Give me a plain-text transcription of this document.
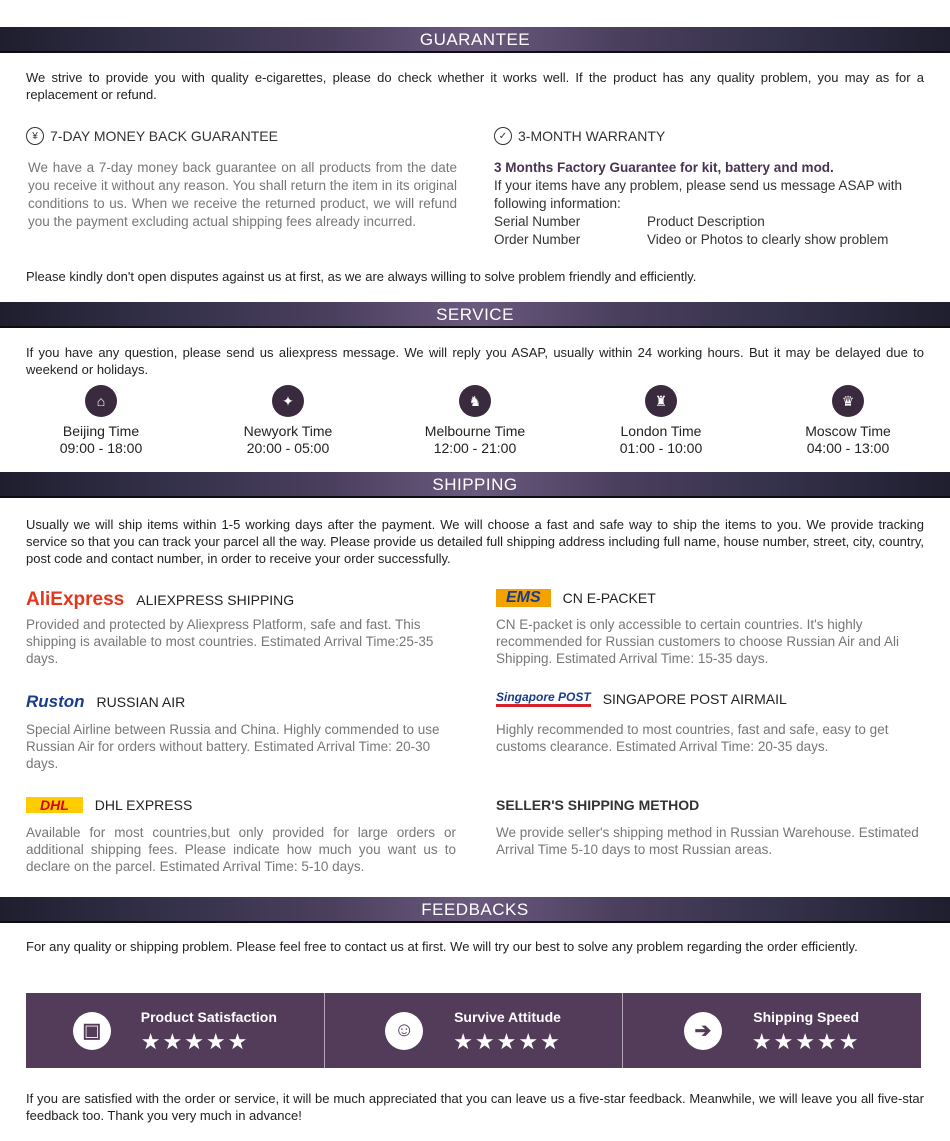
GUARANTEE
We strive to provide you with quality e-cigarettes, please do check whether it works well. If the product has any quality problem, you may as for a replacement or refund.
¥ 7-DAY MONEY BACK GUARANTEE
We have a 7-day money back guarantee on all products from the date you receive it without any reason. You shall return the item in its original conditions to us. When we receive the returned product, we will refund you the payment excluding actual shipping fees already incurred.
✓ 3-MONTH WARRANTY
3 Months Factory Guarantee for kit, battery and mod.
If your items have any problem, please send us message ASAP with following information:
Serial Number	Product Description
Order Number	Video or Photos to clearly show problem
Please kindly don't open disputes against us at first, as we are always willing to solve problem friendly and efficiently.
SERVICE
If you have any question, please send us aliexpress message. We will reply you ASAP, usually within 24 working hours. But it may be delayed due to weekend or holidays.
⌂
Beijing Time
09:00 - 18:00
✦
Newyork Time
20:00 - 05:00
♞
Melbourne Time
12:00 - 21:00
♜
London Time
01:00 - 10:00
♛
Moscow Time
04:00 - 13:00
SHIPPING
Usually we will ship items within 1-5 working days after the payment. We will choose a fast and safe way to ship the items to you. We provide tracking service so that you can track your parcel all the way. Please provide us detailed full shipping address including full name, house number, street, city, country, post code and contact number, in order to receive your order successfully.
AliExpress ALIEXPRESS SHIPPING
Provided and protected by Aliexpress Platform, safe and fast. This shipping is available to most countries. Estimated Arrival Time:25-35 days.
EMS	CN E-PACKET
CN E-packet is only accessible to certain countries. It's highly recommended for Russian customers to choose Russian Air and Ali Shipping. Estimated Arrival Time: 15-35 days.
Ruston RUSSIAN AIR
Special Airline between Russia and China. Highly commended to use Russian Air for orders without battery. Estimated Arrival Time: 20-30 days.
Singapore POST SINGAPORE POST AIRMAIL
Highly recommended to most countries, fast and safe, easy to get customs clearance. Estimated Arrival Time: 20-35 days.
DHL	DHL EXPRESS
Available for most countries,but only provided for large orders or additional shipping fees. Please indicate how much you want us to declare on the parcel. Estimated Arrival Time: 5-10 days.
SELLER'S SHIPPING METHOD
We provide seller's shipping method in Russian Warehouse. Estimated Arrival Time 5-10 days to most Russian areas.
FEEDBACKS
For any quality or shipping problem. Please feel free to contact us at first. We will try our best to solve any problem regarding the order efficiently.
▣
Product Satisfaction
★★★★★	☺
Survive Attitude
★★★★★	➔
Shipping Speed
★★★★★
If you are satisfied with the order or service, it will be much appreciated that you can leave us a five-star feedback. Meanwhile, we will leave you all five-star feedback too. Thank you very much in advance!
